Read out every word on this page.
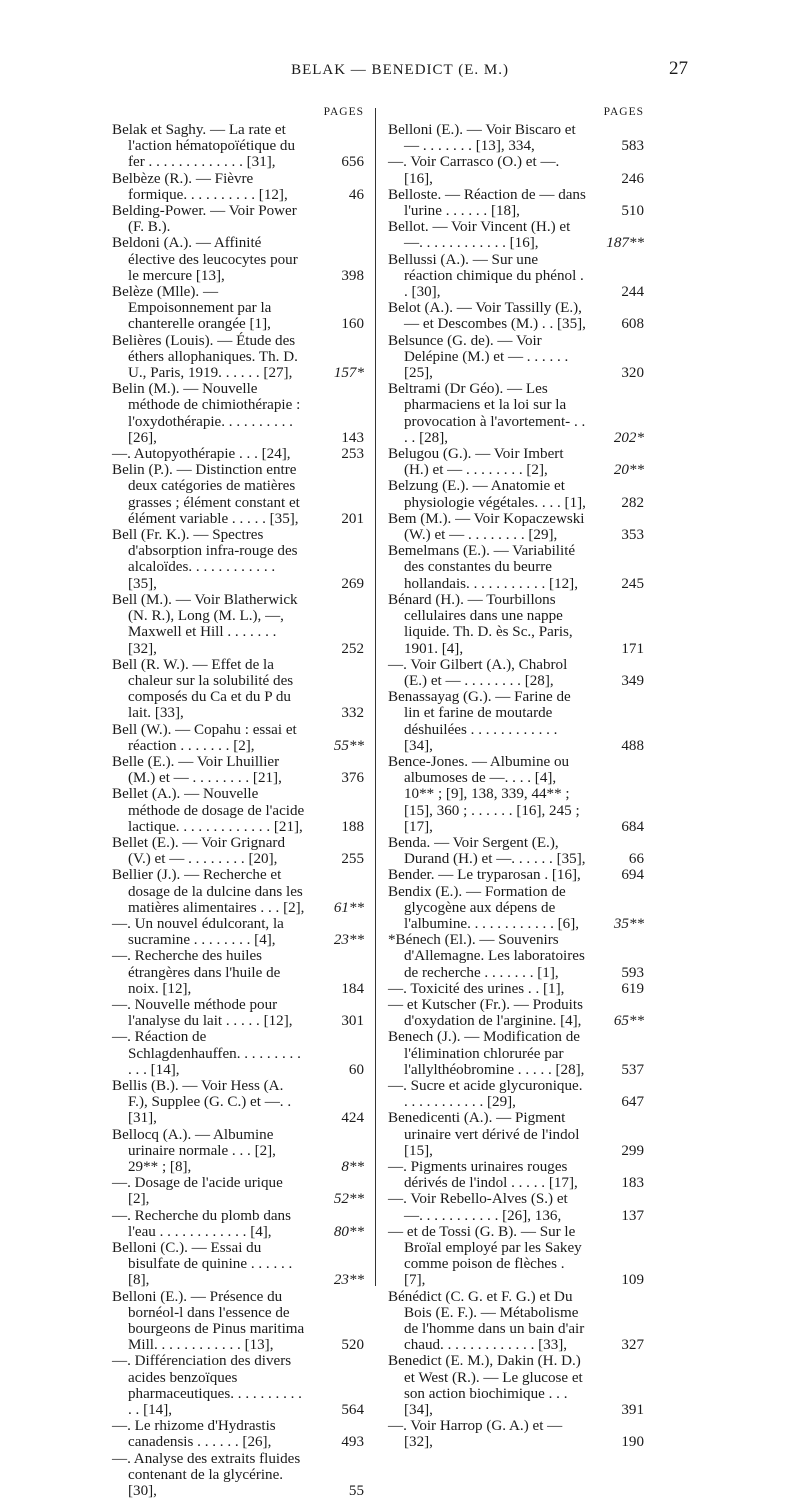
BELAK — BENEDICT (E. M.)	27
PAGES
Belak et Saghy. — La rate et l'action hématopoïétique du fer . . . . . . . . . . . . . [31],	656
Belbèze (R.). — Fièvre formique. . . . . . . . . . [12],	46
Belding-Power. — Voir Power (F. B.).
Beldoni (A.). — Affinité élective des leucocytes pour le mercure [13],	398
Belèze (Mlle). — Empoisonnement par la chanterelle orangée [1],	160
Belières (Louis). — Étude des éthers allophaniques. Th. D. U., Paris, 1919. . . . . . [27],	157*
Belin (M.). — Nouvelle méthode de chimiothérapie : l'oxydothérapie. . . . . . . . . . [26],	143
—. Autopyothérapie . . . [24],	253
Belin (P.). — Distinction entre deux catégories de matières grasses ; élément constant et élément variable . . . . . [35],	201
Bell (Fr. K.). — Spectres d'absorption infra-rouge des alcaloïdes. . . . . . . . . . . . [35],	269
Bell (M.). — Voir Blatherwick (N. R.), Long (M. L.), —, Maxwell et Hill . . . . . . . [32],	252
Bell (R. W.). — Effet de la chaleur sur la solubilité des composés du Ca et du P du lait. [33],	332
Bell (W.). — Copahu : essai et réaction . . . . . . . [2],	55**
Belle (E.). — Voir Lhuillier (M.) et — . . . . . . . . [21],	376
Bellet (A.). — Nouvelle méthode de dosage de l'acide lactique. . . . . . . . . . . . . [21],	188
Bellet (E.). — Voir Grignard (V.) et — . . . . . . . . [20],	255
Bellier (J.). — Recherche et dosage de la dulcine dans les matières alimentaires . . . [2],	61**
—. Un nouvel édulcorant, la sucramine . . . . . . . . [4],	23**
—. Recherche des huiles étrangères dans l'huile de noix. [12],	184
—. Nouvelle méthode pour l'analyse du lait . . . . . [12],	301
—. Réaction de Schlagdenhauffen. . . . . . . . . . . . [14],	60
Bellis (B.). — Voir Hess (A. F.), Supplee (G. C.) et —. . [31],	424
Bellocq (A.). — Albumine urinaire normale . . . [2], 29** ; [8],	8**
—. Dosage de l'acide urique [2],	52**
—. Recherche du plomb dans l'eau . . . . . . . . . . . . [4],	80**
Belloni (C.). — Essai du bisulfate de quinine . . . . . . [8],	23**
Belloni (E.). — Présence du bornéol-l dans l'essence de bourgeons de Pinus maritima Mill. . . . . . . . . . . . [13],	520
—. Différenciation des divers acides benzoïques pharmaceutiques. . . . . . . . . . . . [14],	564
—. Le rhizome d'Hydrastis canadensis . . . . . . [26],	493
—. Analyse des extraits fluides contenant de la glycérine. [30],	55
PAGES
Belloni (E.). — Voir Biscaro et — . . . . . . . [13], 334,	583
—. Voir Carrasco (O.) et —. [16],	246
Belloste. — Réaction de — dans l'urine . . . . . . [18],	510
Bellot. — Voir Vincent (H.) et —. . . . . . . . . . . . [16],	187**
Bellussi (A.). — Sur une réaction chimique du phénol . . [30],	244
Belot (A.). — Voir Tassilly (E.), — et Descombes (M.) . . [35],	608
Belsunce (G. de). — Voir Delépine (M.) et — . . . . . . [25],	320
Beltrami (Dr Géo). — Les pharmaciens et la loi sur la provocation à l'avortement- . . . . [28],	202*
Belugou (G.). — Voir Imbert (H.) et — . . . . . . . . [2],	20**
Belzung (E.). — Anatomie et physiologie végétales. . . . [1],	282
Bem (M.). — Voir Kopaczewski (W.) et — . . . . . . . . [29],	353
Bemelmans (E.). — Variabilité des constantes du beurre hollandais. . . . . . . . . . . [12],	245
Bénard (H.). — Tourbillons cellulaires dans une nappe liquide. Th. D. ès Sc., Paris, 1901. [4],	171
—. Voir Gilbert (A.), Chabrol (E.) et — . . . . . . . . [28],	349
Benassayag (G.). — Farine de lin et farine de moutarde déshuilées . . . . . . . . . . . . [34],	488
Bence-Jones. — Albumine ou albumoses de —. . . . [4], 10** ; [9], 138, 339, 44** ; [15], 360 ; . . . . . . [16], 245 ; [17],	684
Benda. — Voir Sergent (E.), Durand (H.) et —. . . . . . [35],	66
Bender. — Le tryparosan . [16],	694
Bendix (E.). — Formation de glycogène aux dépens de l'albumine. . . . . . . . . . . . [6],	35**
*Bénech (El.). — Souvenirs d'Allemagne. Les laboratoires de recherche . . . . . . . [1],	593
—. Toxicité des urines . . [1],	619
— et Kutscher (Fr.). — Produits d'oxydation de l'arginine. [4],	65**
Benech (J.). — Modification de l'élimination chlorurée par l'allylthéobromine . . . . . [28],	537
—. Sucre et acide glycuronique. . . . . . . . . . . . [29],	647
Benedicenti (A.). — Pigment urinaire vert dérivé de l'indol [15],	299
—. Pigments urinaires rouges dérivés de l'indol . . . . . [17],	183
—. Voir Rebello-Alves (S.) et —. . . . . . . . . . . [26], 136,	137
— et de Tossi (G. B). — Sur le Broïal employé par les Sakey comme poison de flèches . [7],	109
Bénédict (C. G. et F. G.) et Du Bois (E. F.). — Métabolisme de l'homme dans un bain d'air chaud. . . . . . . . . . . . . [33],	327
Benedict (E. M.), Dakin (H. D.) et West (R.). — Le glucose et son action biochimique . . . [34],	391
—. Voir Harrop (G. A.) et — [32],	190
